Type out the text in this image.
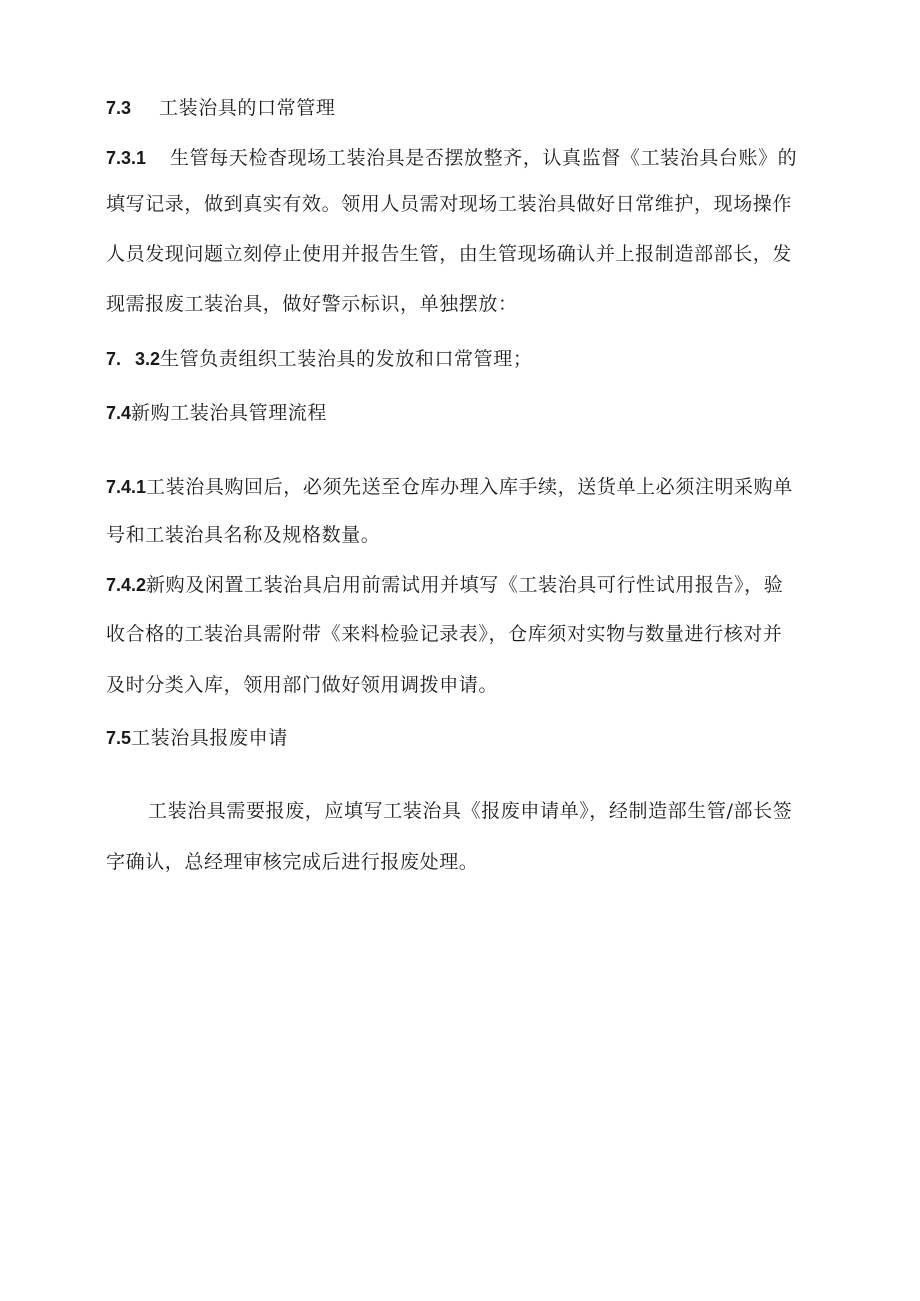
7.3 工装治具的口常管理
7.3.1 生管每天检杳现场工装治具是否摆放整齐，认真监督《工装治具台账》的
填写记录，做到真实有效。领用人员需对现场工装治具做好日常维护，现场操作
人员发现问题立刻停止使用并报告生管，由生管现场确认并上报制造部部长，发
现需报废工装治具，做好警示标识，单独摆放：
7. 3.2生管负责组织工装治具的发放和口常管理；
7.4新购工装治具管理流程
7.4.1工装治具购回后，必须先送至仓库办理入库手续，送货单上必须注明采购单
号和工装治具名称及规格数量。
7.4.2新购及闲置工装治具启用前需试用并填写《工装治具可行性试用报告》，验
收合格的工装治具需附带《来料检验记录表》，仓库须对实物与数量进行核对并
及时分类入库，领用部门做好领用调拨申请。
7.5工装治具报废申请
工装治具需要报废，应填写工装治具《报废申请单》，经制造部生管/部长签
字确认，总经理审核完成后进行报废处理。
